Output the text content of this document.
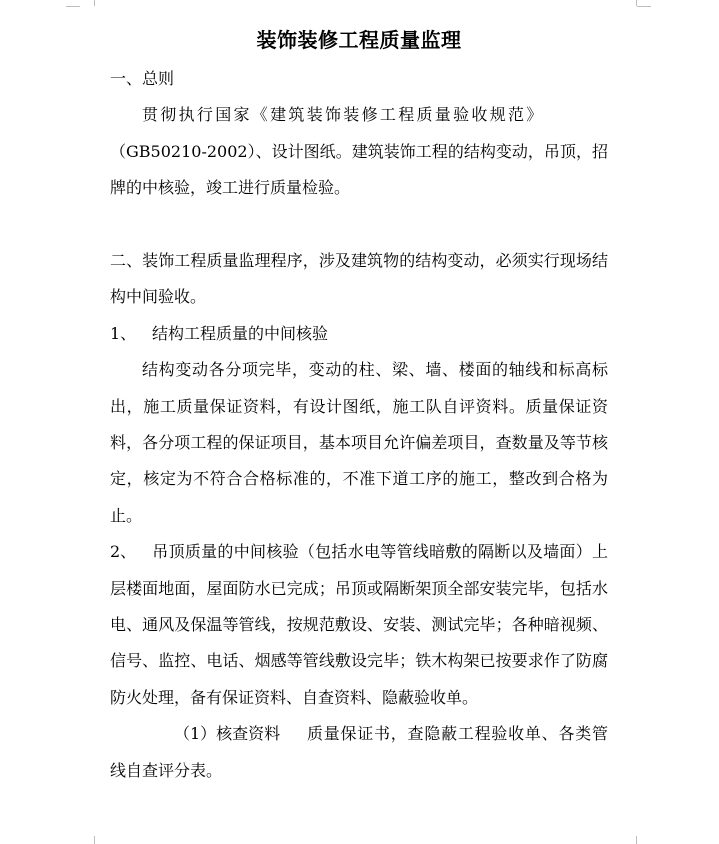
装饰装修工程质量监理

一、总则

贯彻执行国家《建筑装饰装修工程质量验收规范》

（GB50210-2002）、设计图纸。建筑装饰工程的结构变动，吊顶，招牌的中核验，竣工进行质量检验。

二、装饰工程质量监理程序，涉及建筑物的结构变动，必须实行现场结构中间验收。

1、 结构工程质量的中间核验

结构变动各分项完毕，变动的柱、梁、墙、楼面的轴线和标高标出，施工质量保证资料，有设计图纸，施工队自评资料。质量保证资料，各分项工程的保证项目，基本项目允许偏差项目，查数量及等节核定，核定为不符合合格标准的，不准下道工序的施工，整改到合格为止。

2、 吊顶质量的中间核验（包括水电等管线暗敷的隔断以及墙面）上层楼面地面，屋面防水已完成；吊顶或隔断架顶全部安装完毕，包括水电、通风及保温等管线，按规范敷设、安装、测试完毕；各种暗视频、信号、监控、电话、烟感等管线敷设完毕；铁木构架已按要求作了防腐防火处理，备有保证资料、自查资料、隐蔽验收单。

（1）核查资料 质量保证书，查隐蔽工程验收单、各类管线自查评分表。
